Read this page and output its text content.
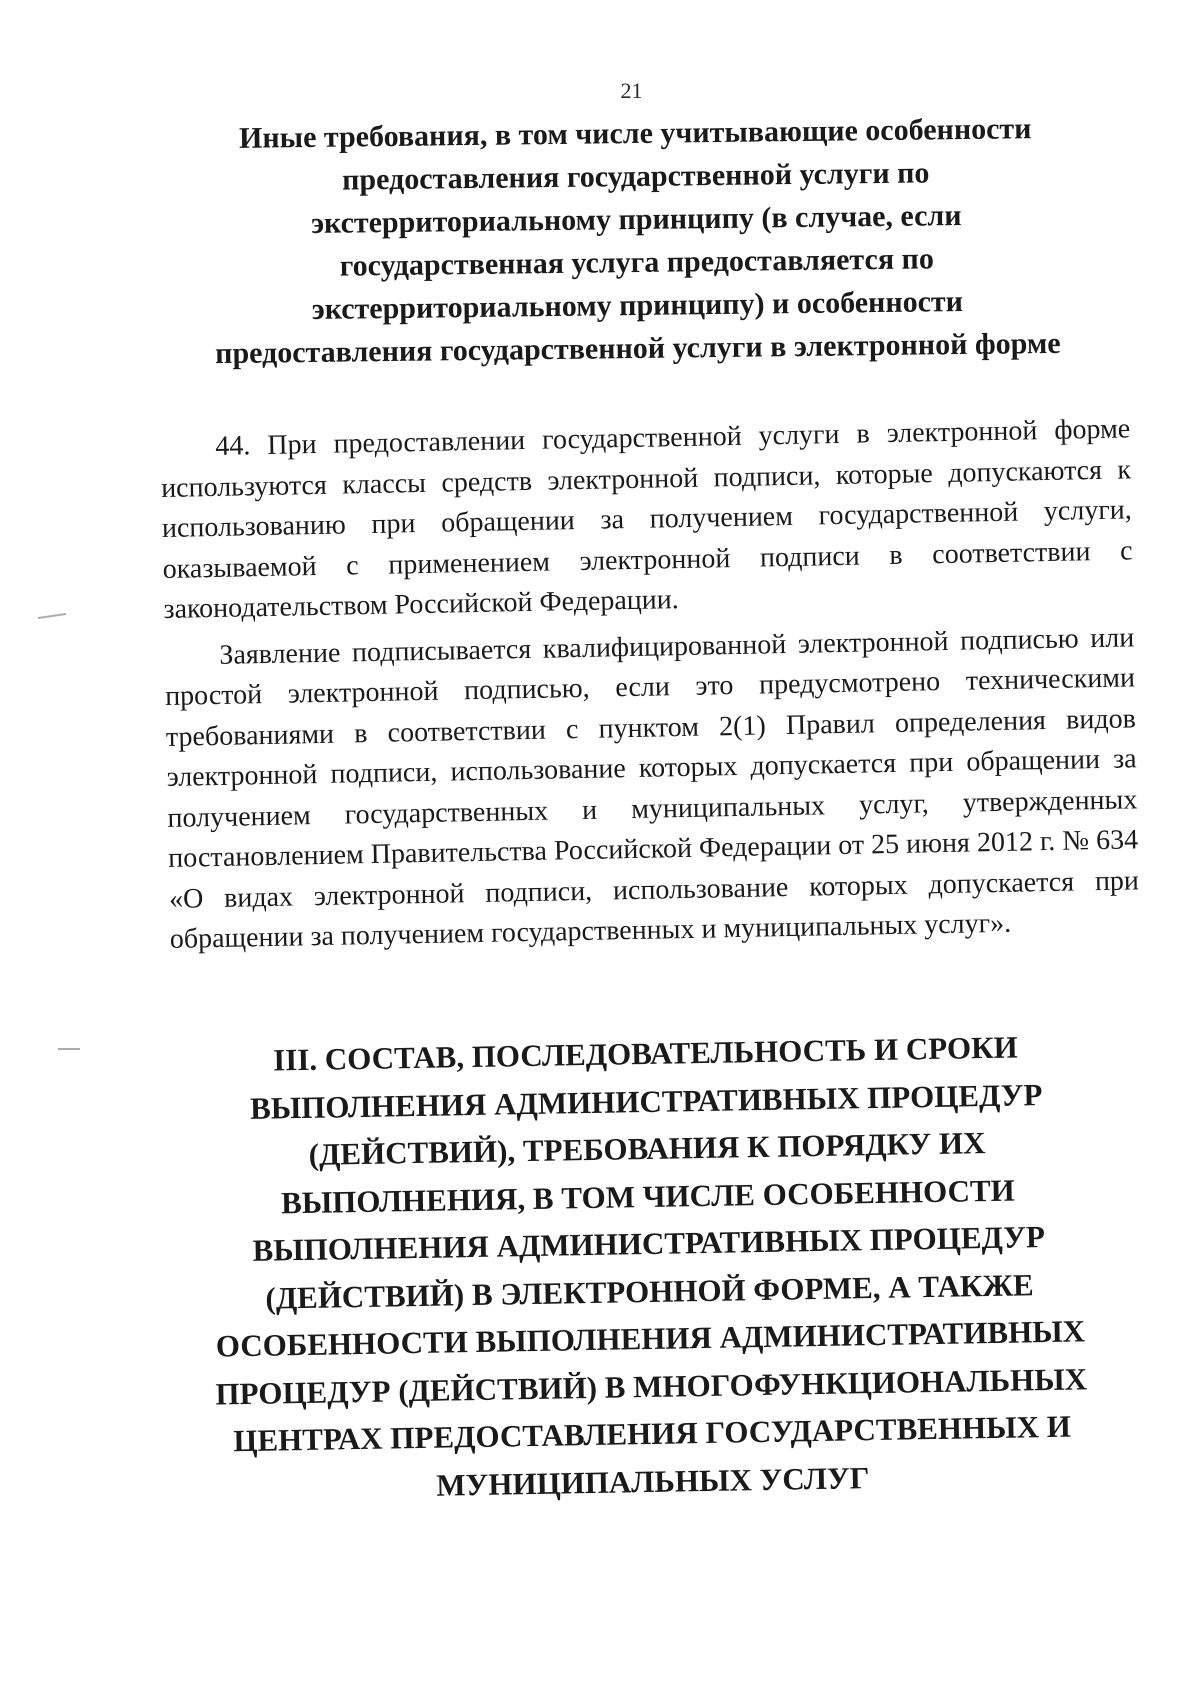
21
Иные требования, в том числе учитывающие особенности предоставления государственной услуги по экстерриториальному принципу (в случае, если государственная услуга предоставляется по экстерриториальному принципу) и особенности предоставления государственной услуги в электронной форме

44. При предоставлении государственной услуги в электронной форме используются классы средств электронной подписи, которые допускаются к использованию при обращении за получением государственной услуги, оказываемой с применением электронной подписи в соответствии с законодательством Российской Федерации.

Заявление подписывается квалифицированной электронной подписью или простой электронной подписью, если это предусмотрено техническими требованиями в соответствии с пунктом 2(1) Правил определения видов электронной подписи, использование которых допускается при обращении за получением государственных и муниципальных услуг, утвержденных постановлением Правительства Российской Федерации от 25 июня 2012 г. № 634 «О видах электронной подписи, использование которых допускается при обращении за получением государственных и муниципальных услуг».

III. СОСТАВ, ПОСЛЕДОВАТЕЛЬНОСТЬ И СРОКИ ВЫПОЛНЕНИЯ АДМИНИСТРАТИВНЫХ ПРОЦЕДУР (ДЕЙСТВИЙ), ТРЕБОВАНИЯ К ПОРЯДКУ ИХ ВЫПОЛНЕНИЯ, В ТОМ ЧИСЛЕ ОСОБЕННОСТИ ВЫПОЛНЕНИЯ АДМИНИСТРАТИВНЫХ ПРОЦЕДУР (ДЕЙСТВИЙ) В ЭЛЕКТРОННОЙ ФОРМЕ, А ТАКЖЕ ОСОБЕННОСТИ ВЫПОЛНЕНИЯ АДМИНИСТРАТИВНЫХ ПРОЦЕДУР (ДЕЙСТВИЙ) В МНОГОФУНКЦИОНАЛЬНЫХ ЦЕНТРАХ ПРЕДОСТАВЛЕНИЯ ГОСУДАРСТВЕННЫХ И МУНИЦИПАЛЬНЫХ УСЛУГ
